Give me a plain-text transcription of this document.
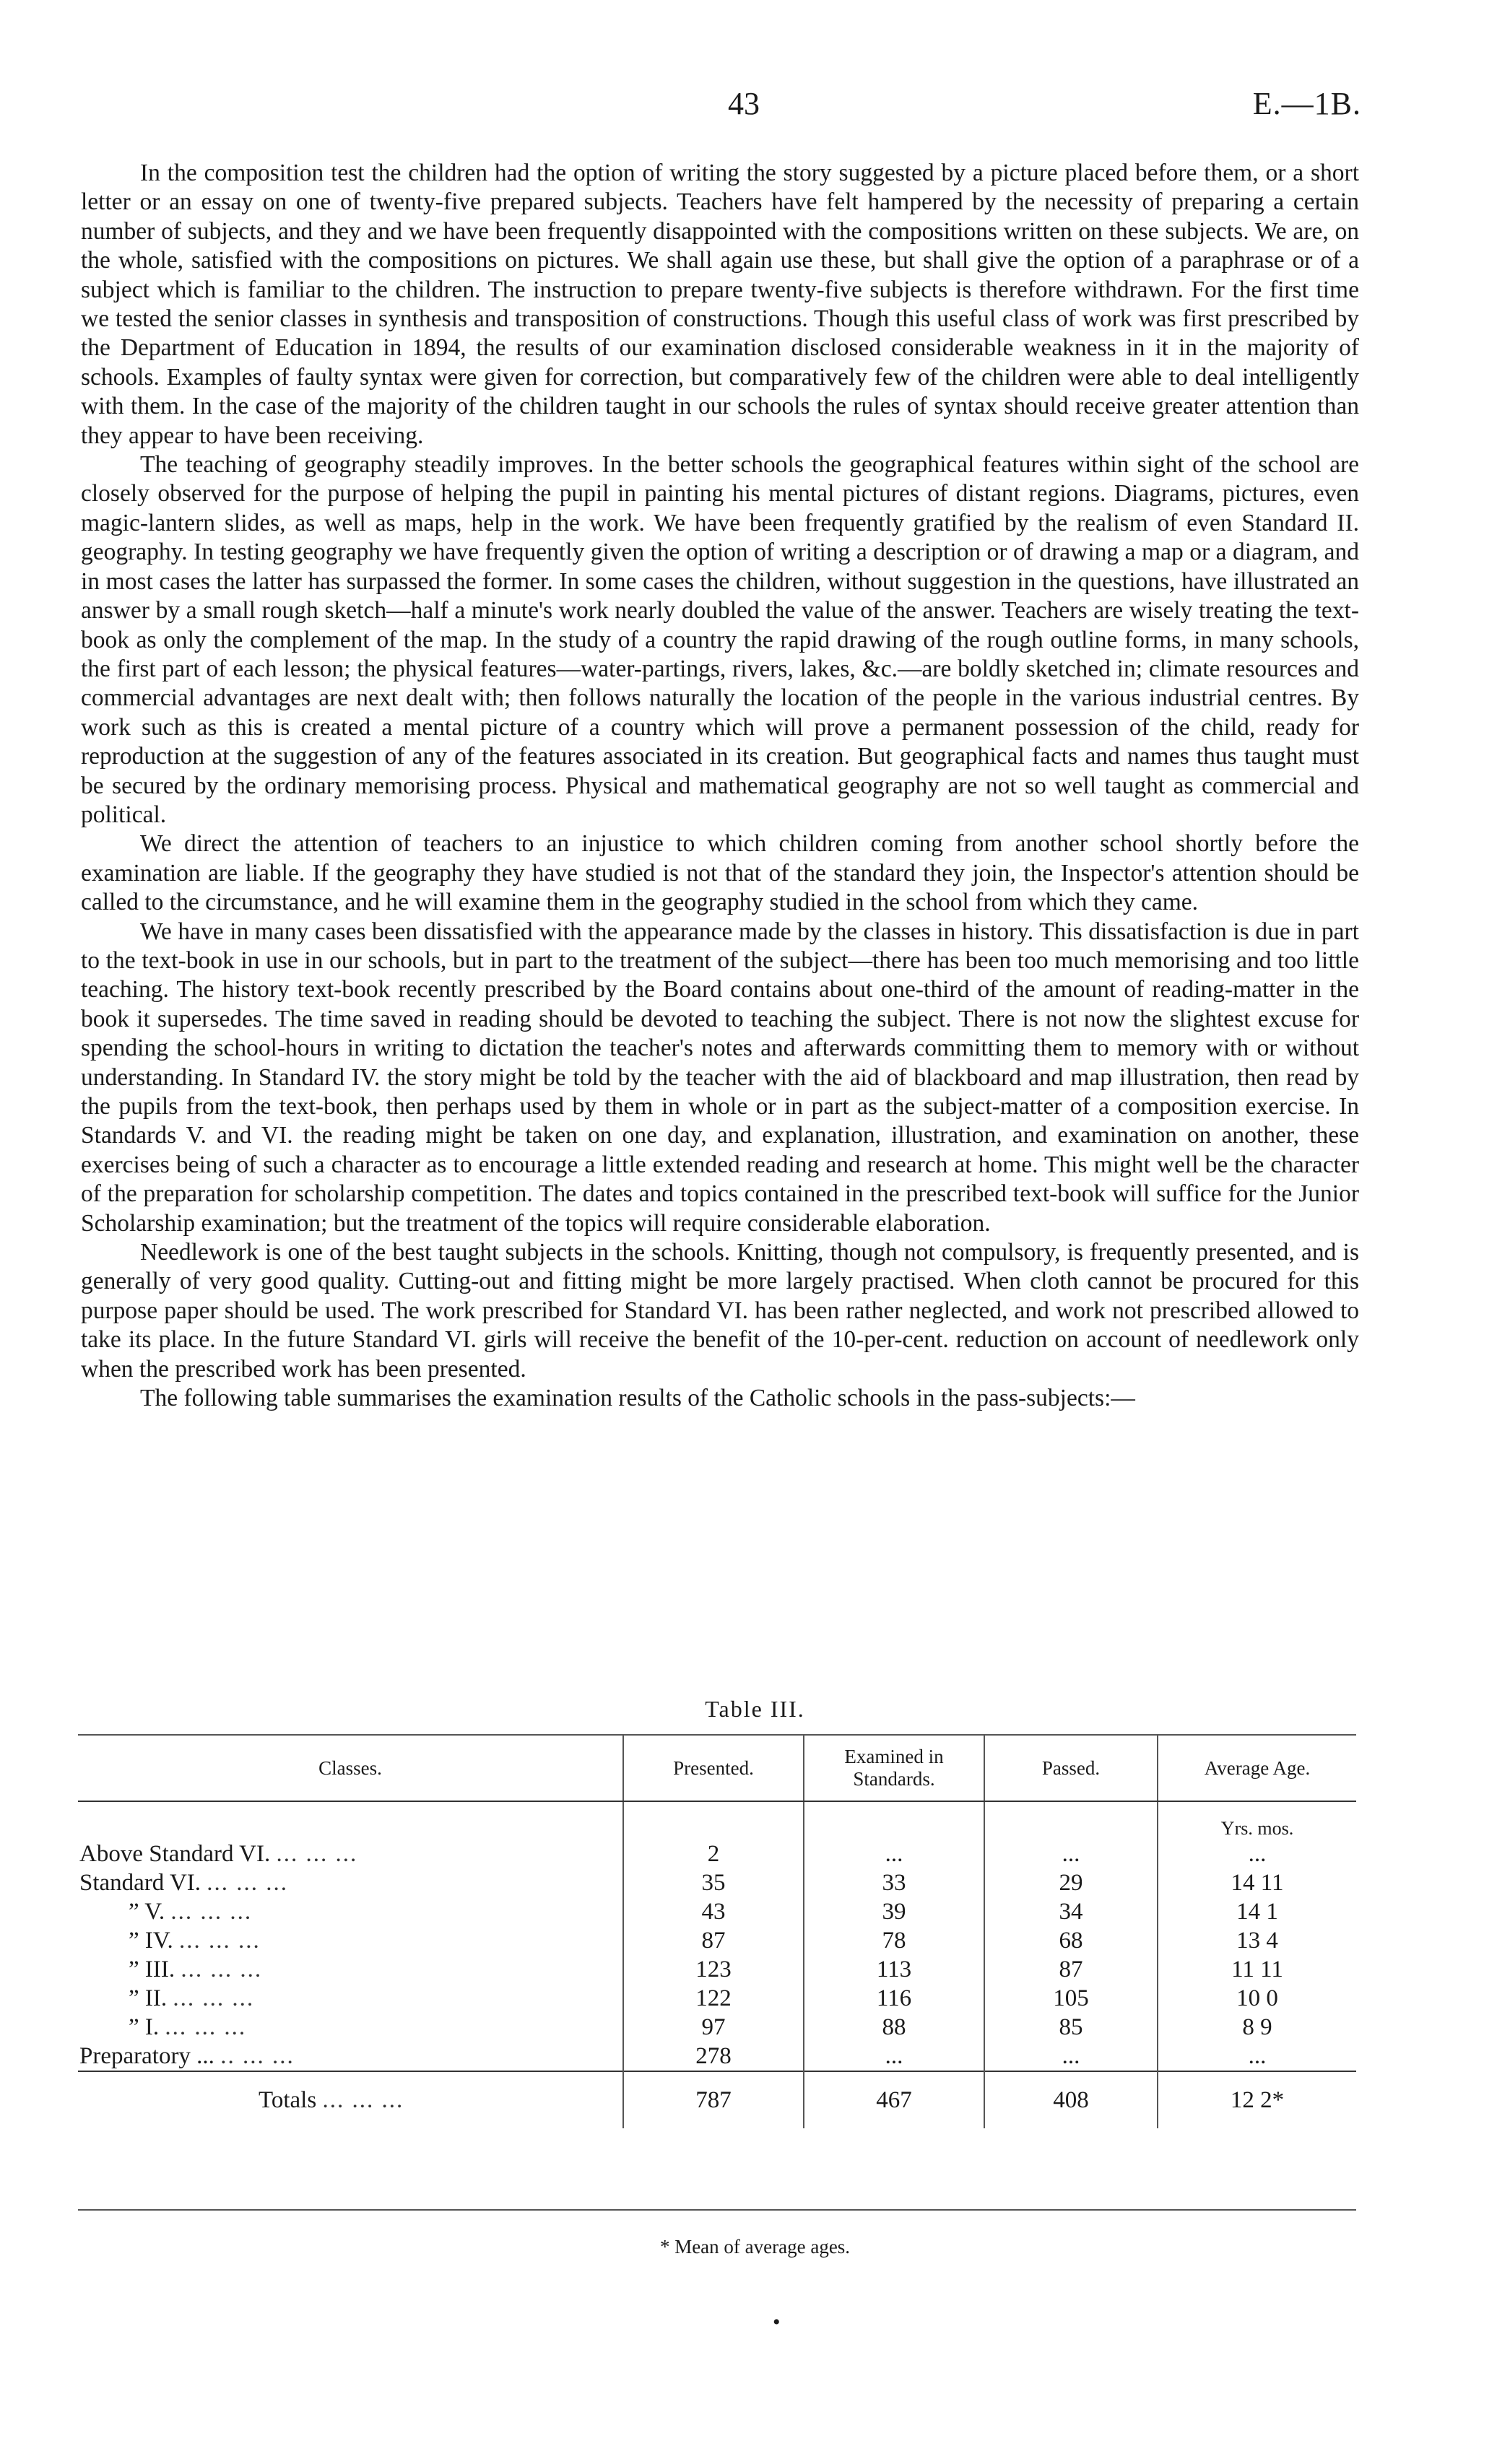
43	E.—1B.

In the composition test the children had the option of writing the story suggested by a picture placed before them, or a short letter or an essay on one of twenty-five prepared subjects. Teachers have felt hampered by the necessity of preparing a certain number of subjects, and they and we have been frequently disappointed with the compositions written on these subjects. We are, on the whole, satisfied with the compositions on pictures. We shall again use these, but shall give the option of a paraphrase or of a subject which is familiar to the children. The instruction to prepare twenty-five subjects is therefore withdrawn. For the first time we tested the senior classes in synthesis and transposition of constructions. Though this useful class of work was first prescribed by the Department of Education in 1894, the results of our examination disclosed considerable weakness in it in the majority of schools. Examples of faulty syntax were given for correction, but comparatively few of the children were able to deal intelligently with them. In the case of the majority of the children taught in our schools the rules of syntax should receive greater attention than they appear to have been receiving.

The teaching of geography steadily improves. In the better schools the geographical features within sight of the school are closely observed for the purpose of helping the pupil in painting his mental pictures of distant regions. Diagrams, pictures, even magic-lantern slides, as well as maps, help in the work. We have been frequently gratified by the realism of even Standard II. geography. In testing geography we have frequently given the option of writing a description or of drawing a map or a diagram, and in most cases the latter has surpassed the former. In some cases the children, without suggestion in the questions, have illustrated an answer by a small rough sketch—half a minute's work nearly doubled the value of the answer. Teachers are wisely treating the text-book as only the complement of the map. In the study of a country the rapid drawing of the rough outline forms, in many schools, the first part of each lesson; the physical features—water-partings, rivers, lakes, &c.—are boldly sketched in; climate resources and commercial advantages are next dealt with; then follows naturally the location of the people in the various industrial centres. By work such as this is created a mental picture of a country which will prove a permanent possession of the child, ready for reproduction at the suggestion of any of the features associated in its creation. But geographical facts and names thus taught must be secured by the ordinary memorising process. Physical and mathematical geography are not so well taught as commercial and political.

We direct the attention of teachers to an injustice to which children coming from another school shortly before the examination are liable. If the geography they have studied is not that of the standard they join, the Inspector's attention should be called to the circumstance, and he will examine them in the geography studied in the school from which they came.

We have in many cases been dissatisfied with the appearance made by the classes in history. This dissatisfaction is due in part to the text-book in use in our schools, but in part to the treatment of the subject—there has been too much memorising and too little teaching. The history text-book recently prescribed by the Board contains about one-third of the amount of reading-matter in the book it supersedes. The time saved in reading should be devoted to teaching the subject. There is not now the slightest excuse for spending the school-hours in writing to dictation the teacher's notes and afterwards committing them to memory with or without understanding. In Standard IV. the story might be told by the teacher with the aid of blackboard and map illustration, then read by the pupils from the text-book, then perhaps used by them in whole or in part as the subject-matter of a composition exercise. In Standards V. and VI. the reading might be taken on one day, and explanation, illustration, and examination on another, these exercises being of such a character as to encourage a little extended reading and research at home. This might well be the character of the preparation for scholarship competition. The dates and topics contained in the prescribed text-book will suffice for the Junior Scholarship examination; but the treatment of the topics will require considerable elaboration.

Needlework is one of the best taught subjects in the schools. Knitting, though not compulsory, is frequently presented, and is generally of very good quality. Cutting-out and fitting might be more largely practised. When cloth cannot be procured for this purpose paper should be used. The work prescribed for Standard VI. has been rather neglected, and work not prescribed allowed to take its place. In the future Standard VI. girls will receive the benefit of the 10-per-cent. reduction on account of needlework only when the prescribed work has been presented.

The following table summarises the examination results of the Catholic schools in the pass-subjects:—

Table III.
Classes.	Presented.	Examined in Standards.	Passed.	Average Age.
				Yrs. mos.
Above Standard VI. ... ... ...	2	...	...	...
Standard VI. ... ... ...	35	33	29	14 11
” V. ... ... ...	43	39	34	14 1
” IV. ... ... ...	87	78	68	13 4
” III. ... ... ...	123	113	87	11 11
” II. ... ... ...	122	116	105	10 0
” I. ... ... ...	97	88	85	8 9
Preparatory ... .. ... ...	278	...	...	...
Totals ... ... ...	787	467	408	12 2*
* Mean of average ages.
•
